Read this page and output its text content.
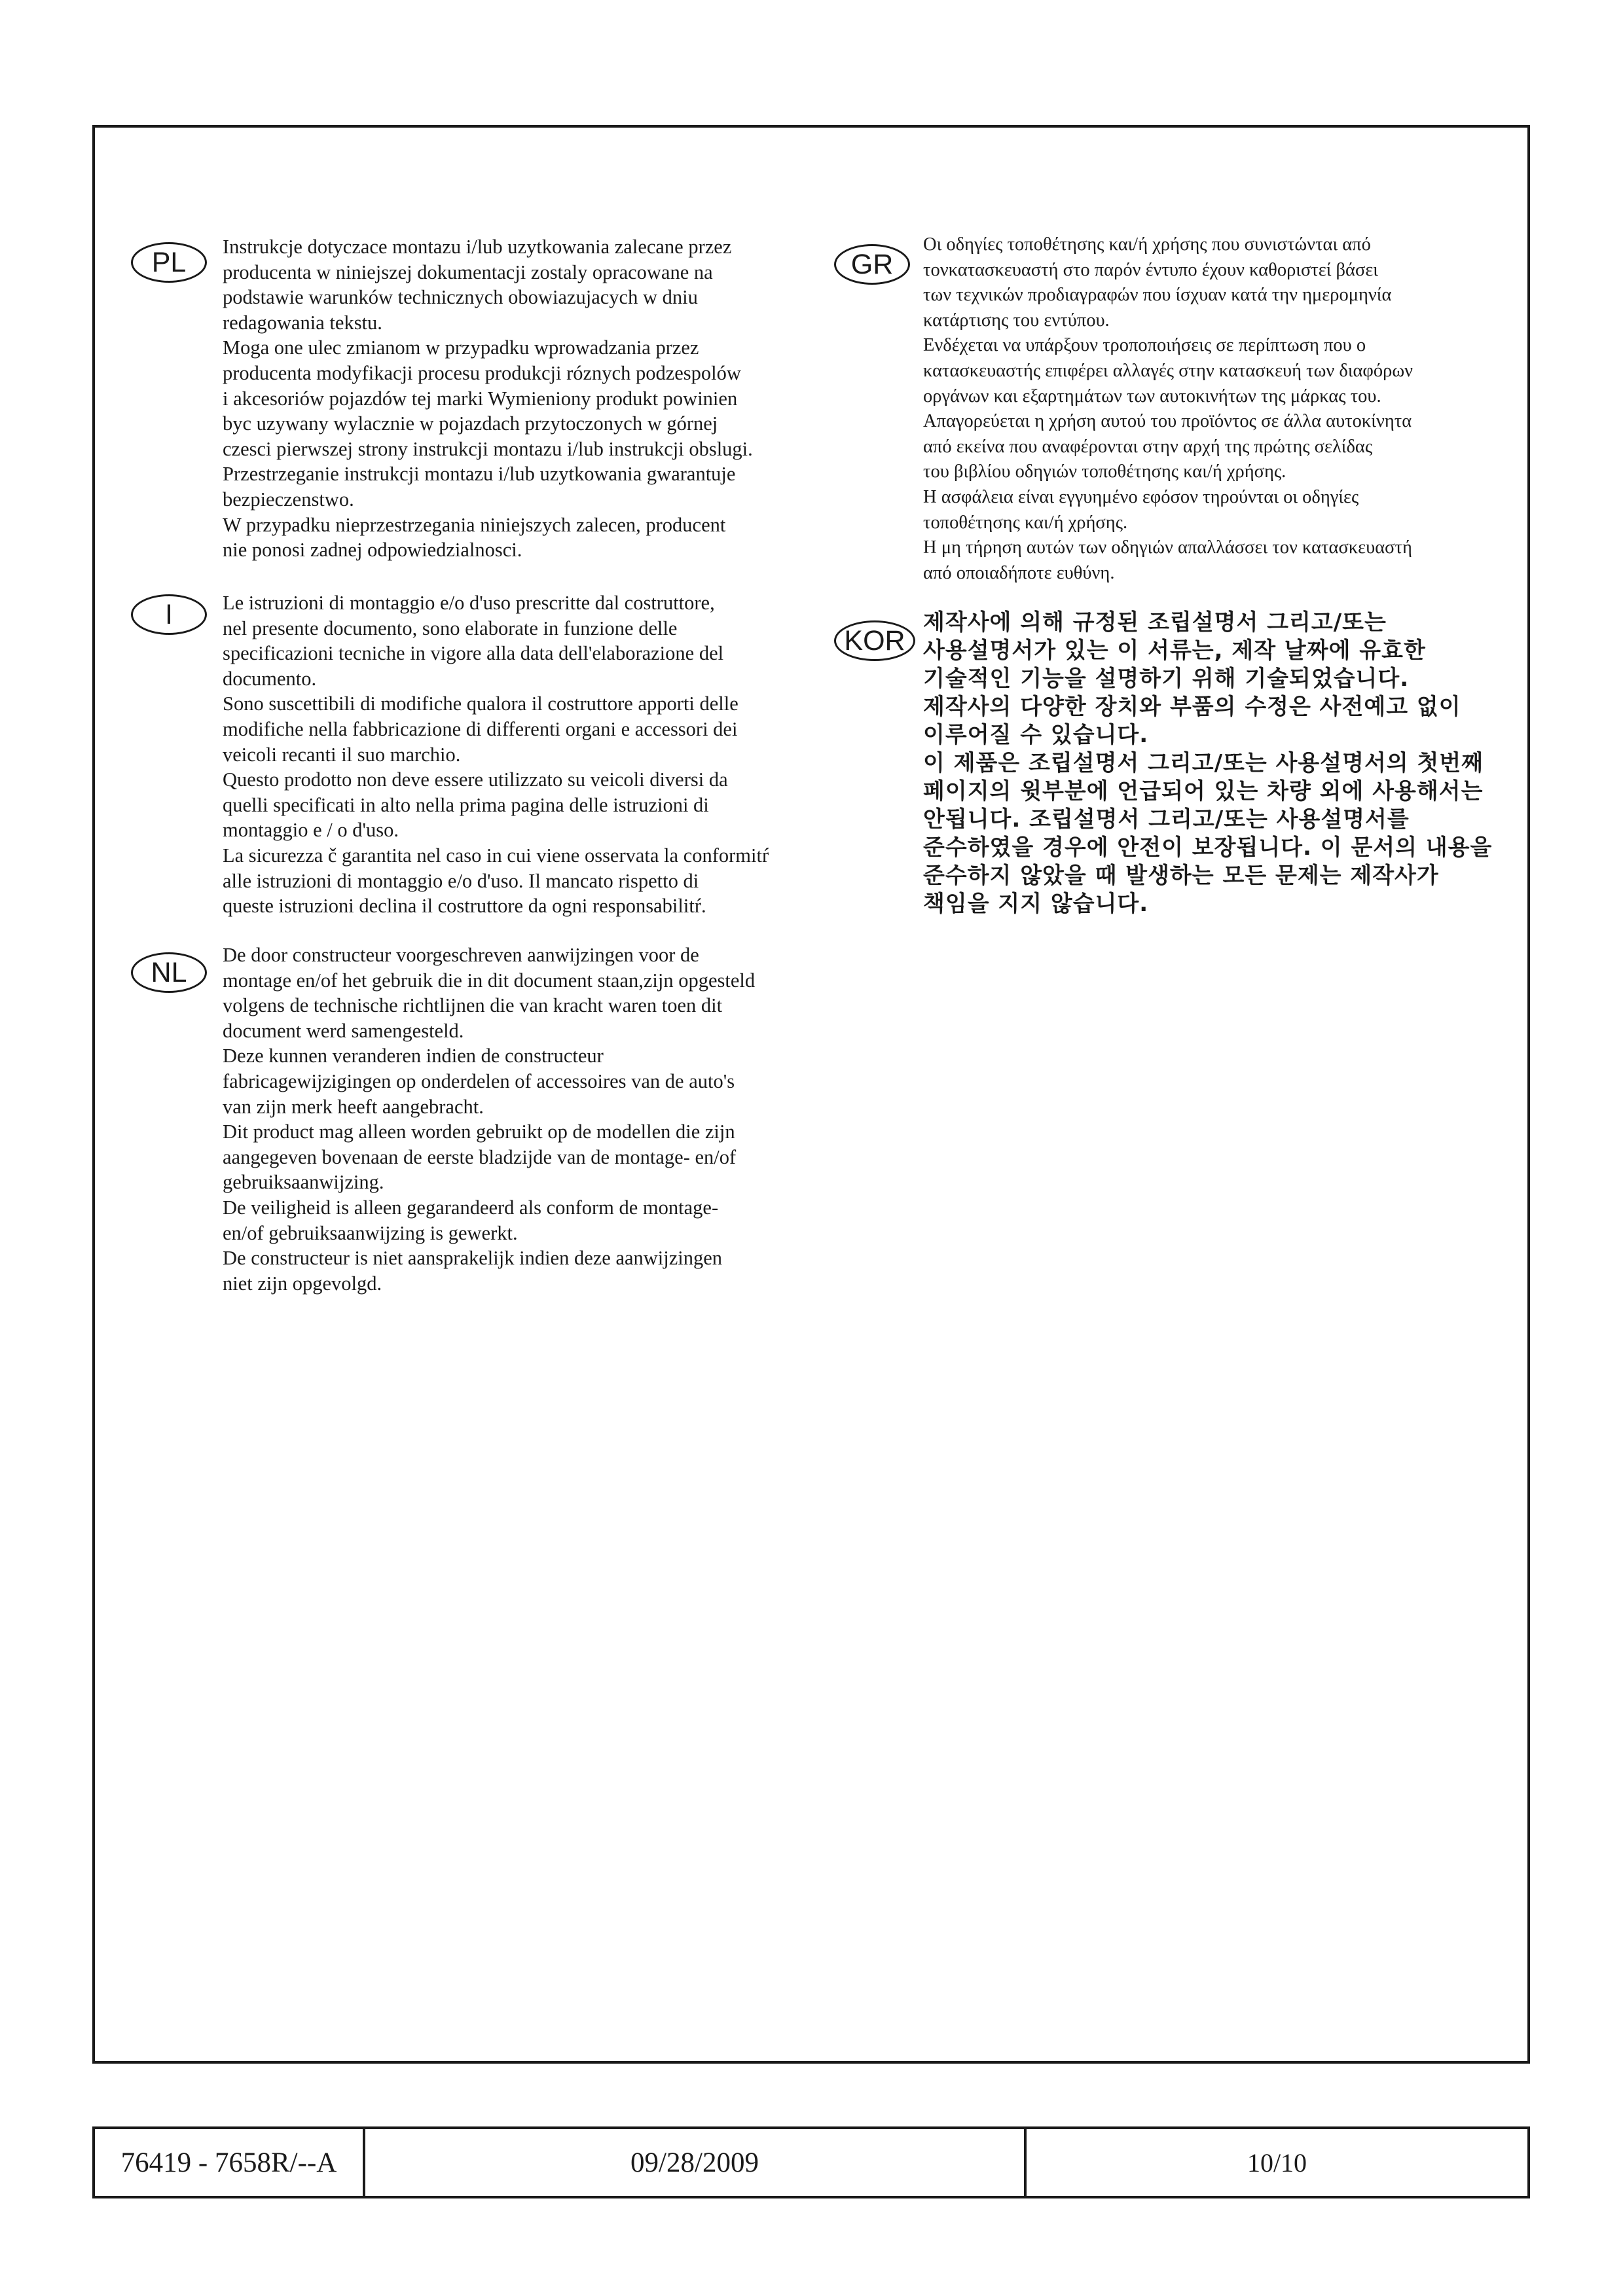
PL	Instrukcje dotyczace montazu i/lub uzytkowania zalecane przez
producenta w niniejszej dokumentacji zostaly opracowane na
podstawie warunków technicznych obowiazujacych w dniu
redagowania tekstu.

Moga one ulec zmianom w przypadku wprowadzania przez
producenta modyfikacji procesu produkcji róznych podzespolów
i akcesoriów pojazdów tej marki Wymieniony produkt powinien
byc uzywany wylacznie w pojazdach przytoczonych w górnej
czesci pierwszej strony instrukcji montazu i/lub instrukcji obslugi.

Przestrzeganie instrukcji montazu i/lub uzytkowania gwarantuje
bezpieczenstwo.

W przypadku nieprzestrzegania niniejszych zalecen, producent
nie ponosi zadnej odpowiedzialnosci.

I	Le istruzioni di montaggio e/o d'uso prescritte dal costruttore,
nel presente documento, sono elaborate in funzione delle
specificazioni tecniche in vigore alla data dell'elaborazione del
documento.

Sono suscettibili di modifiche qualora il costruttore apporti delle
modifiche nella fabbricazione di differenti organi e accessori dei
veicoli recanti il suo marchio.

Questo prodotto non deve essere utilizzato su veicoli diversi da
quelli specificati in alto nella prima pagina delle istruzioni di
montaggio e / o d'uso.

La sicurezza č garantita nel caso in cui viene osservata la conformitŕ
alle istruzioni di montaggio e/o d'uso. Il mancato rispetto di
queste istruzioni declina il costruttore da ogni responsabilitŕ.

NL

De door constructeur voorgeschreven aanwijzingen voor de
montage en/of het gebruik die in dit document staan,zijn opgesteld
volgens de technische richtlijnen die van kracht waren toen dit
document werd samengesteld.

Deze kunnen veranderen indien de constructeur
fabricagewijzigingen op onderdelen of accessoires van de auto's
van zijn merk heeft aangebracht.

Dit product mag alleen worden gebruikt op de modellen die zijn
aangegeven bovenaan de eerste bladzijde van de montage- en/of
gebruiksaanwijzing.

De veiligheid is alleen gegarandeerd als conform de montage-
en/of gebruiksaanwijzing is gewerkt.

De constructeur is niet aansprakelijk indien deze aanwijzingen
niet zijn opgevolgd.

GR

Οι οδηγίες τοποθέτησης και/ή χρήσης που συνιστώνται από
τονκατασκευαστή στο παρόν έντυπο έχουν καθοριστεί βάσει
των τεχνικών προδιαγραφών που ίσχυαν κατά την ημερομηνία
κατάρτισης του εντύπου.

Ενδέχεται να υπάρξουν τροποποιήσεις σε περίπτωση που ο
κατασκευαστής επιφέρει αλλαγές στην κατασκευή των διαφόρων
οργάνων και εξαρτημάτων των αυτοκινήτων της μάρκας του.

Απαγορεύεται η χρήση αυτού του προϊόντος σε άλλα αυτοκίνητα
από εκείνα που αναφέρονται στην αρχή της πρώτης σελίδας
του βιβλίου οδηγιών τοποθέτησης και/ή χρήσης.

Η ασφάλεια είναι εγγυημένο εφόσον τηρούνται οι οδηγίες
τοποθέτησης και/ή χρήσης.

Η μη τήρηση αυτών των οδηγιών απαλλάσσει τον κατασκευαστή
από οποιαδήποτε ευθύνη.

KOR

제작사에 의해 규정된 조립설명서 그리고/또는
사용설명서가 있는 이 서류는, 제작 날짜에 유효한
기술적인 기능을 설명하기 위해 기술되었습니다.

제작사의 다양한 장치와 부품의 수정은 사전예고 없이
이루어질 수 있습니다.

이 제품은 조립설명서 그리고/또는 사용설명서의 첫번째
페이지의 윗부분에 언급되어 있는 차량 외에 사용해서는
안됩니다. 조립설명서 그리고/또는 사용설명서를
준수하였을 경우에 안전이 보장됩니다. 이 문서의 내용을
준수하지 않았을 때 발생하는 모든 문제는 제작사가
책임을 지지 않습니다.

76419 - 7658R/--A	09/28/2009	10/10
